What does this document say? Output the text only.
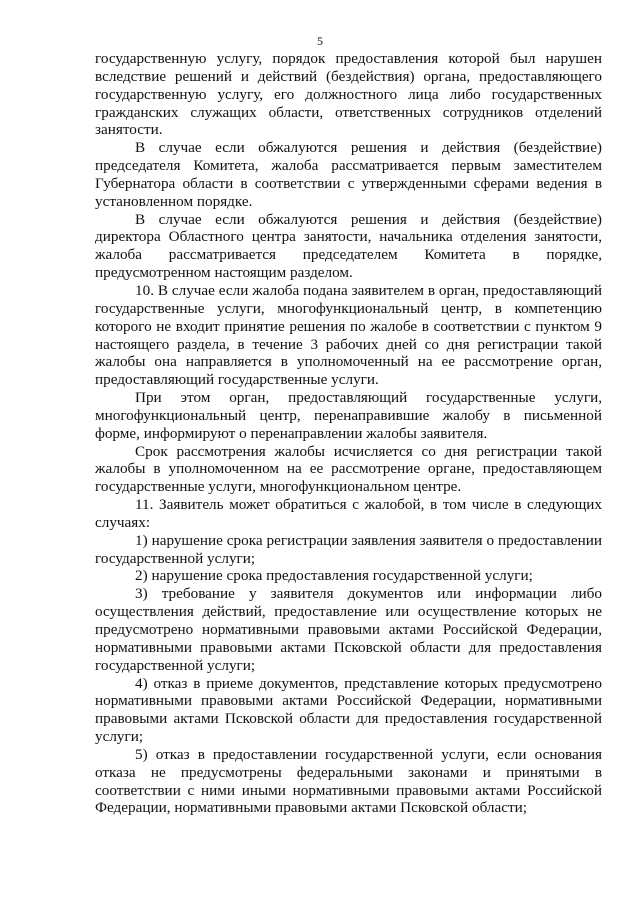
5

государственную услугу, порядок предоставления которой был нарушен вследствие решений и действий (бездействия) органа, предоставляющего государственную услугу, его должностного лица либо государственных гражданских служащих области, ответственных сотрудников отделений занятости.

В случае если обжалуются решения и действия (бездействие) председателя Комитета, жалоба рассматривается первым заместителем Губернатора области в соответствии с утвержденными сферами ведения в установленном порядке.

В случае если обжалуются решения и действия (бездействие) директора Областного центра занятости, начальника отделения занятости, жалоба рассматривается председателем Комитета в порядке, предусмотренном настоящим разделом.

10. В случае если жалоба подана заявителем в орган, предоставляющий государственные услуги, многофункциональный центр, в компетенцию которого не входит принятие решения по жалобе в соответствии с пунктом 9 настоящего раздела, в течение 3 рабочих дней со дня регистрации такой жалобы она направляется в уполномоченный на ее рассмотрение орган, предоставляющий государственные услуги.

При этом орган, предоставляющий государственные услуги, многофункциональный центр, перенаправившие жалобу в письменной форме, информируют о перенаправлении жалобы заявителя.

Срок рассмотрения жалобы исчисляется со дня регистрации такой жалобы в уполномоченном на ее рассмотрение органе, предоставляющем государственные услуги, многофункциональном центре.

11. Заявитель может обратиться с жалобой, в том числе в следующих случаях:

1) нарушение срока регистрации заявления заявителя о предоставлении государственной услуги;

2) нарушение срока предоставления государственной услуги;

3) требование у заявителя документов или информации либо осуществления действий, предоставление или осуществление которых не предусмотрено нормативными правовыми актами Российской Федерации, нормативными правовыми актами Псковской области для предоставления государственной услуги;

4) отказ в приеме документов, представление которых предусмотрено нормативными правовыми актами Российской Федерации, нормативными правовыми актами Псковской области для предоставления государственной услуги;

5) отказ в предоставлении государственной услуги, если основания отказа не предусмотрены федеральными законами и принятыми в соответствии с ними иными нормативными правовыми актами Российской Федерации, нормативными правовыми актами Псковской области;
